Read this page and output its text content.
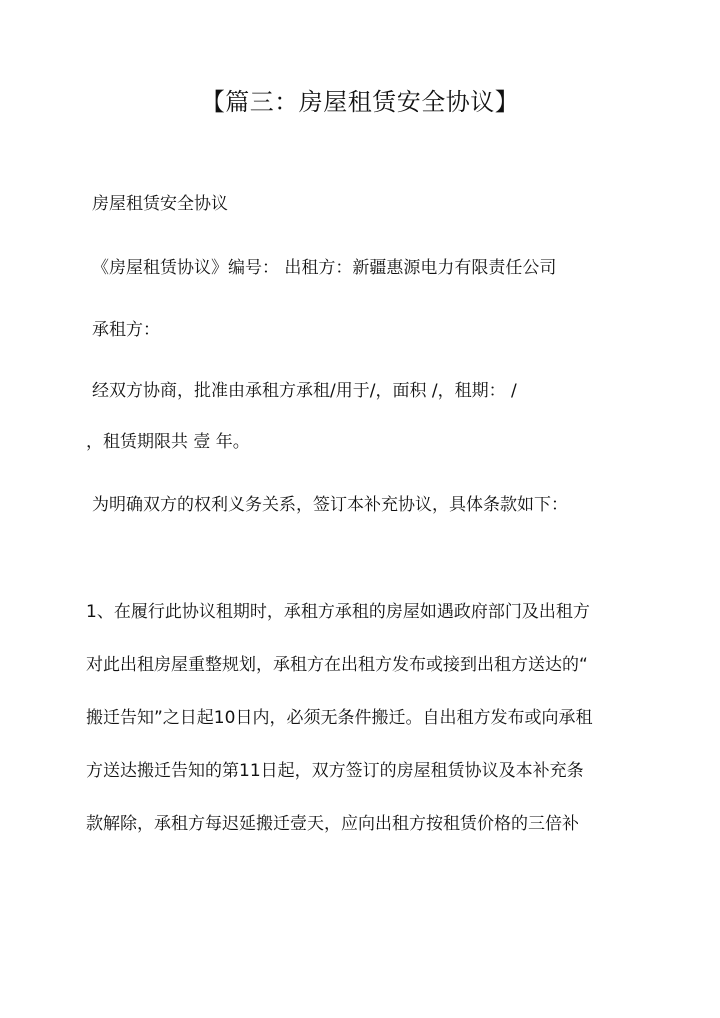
【篇三：房屋租赁安全协议】
房屋租赁安全协议
《房屋租赁协议》编号： 出租方：新疆惠源电力有限责任公司
承租方：
经双方协商，批准由承租方承租/用于/，面积 /，租期： /
，租赁期限共 壹 年。
为明确双方的权利义务关系，签订本补充协议，具体条款如下：
1、在履行此协议租期时，承租方承租的房屋如遇政府部门及出租方
对此出租房屋重整规划，承租方在出租方发布或接到出租方送达的“
搬迁告知”之日起10日内，必须无条件搬迁。自出租方发布或向承租
方送达搬迁告知的第11日起，双方签订的房屋租赁协议及本补充条
款解除，承租方每迟延搬迁壹天，应向出租方按租赁价格的三倍补
